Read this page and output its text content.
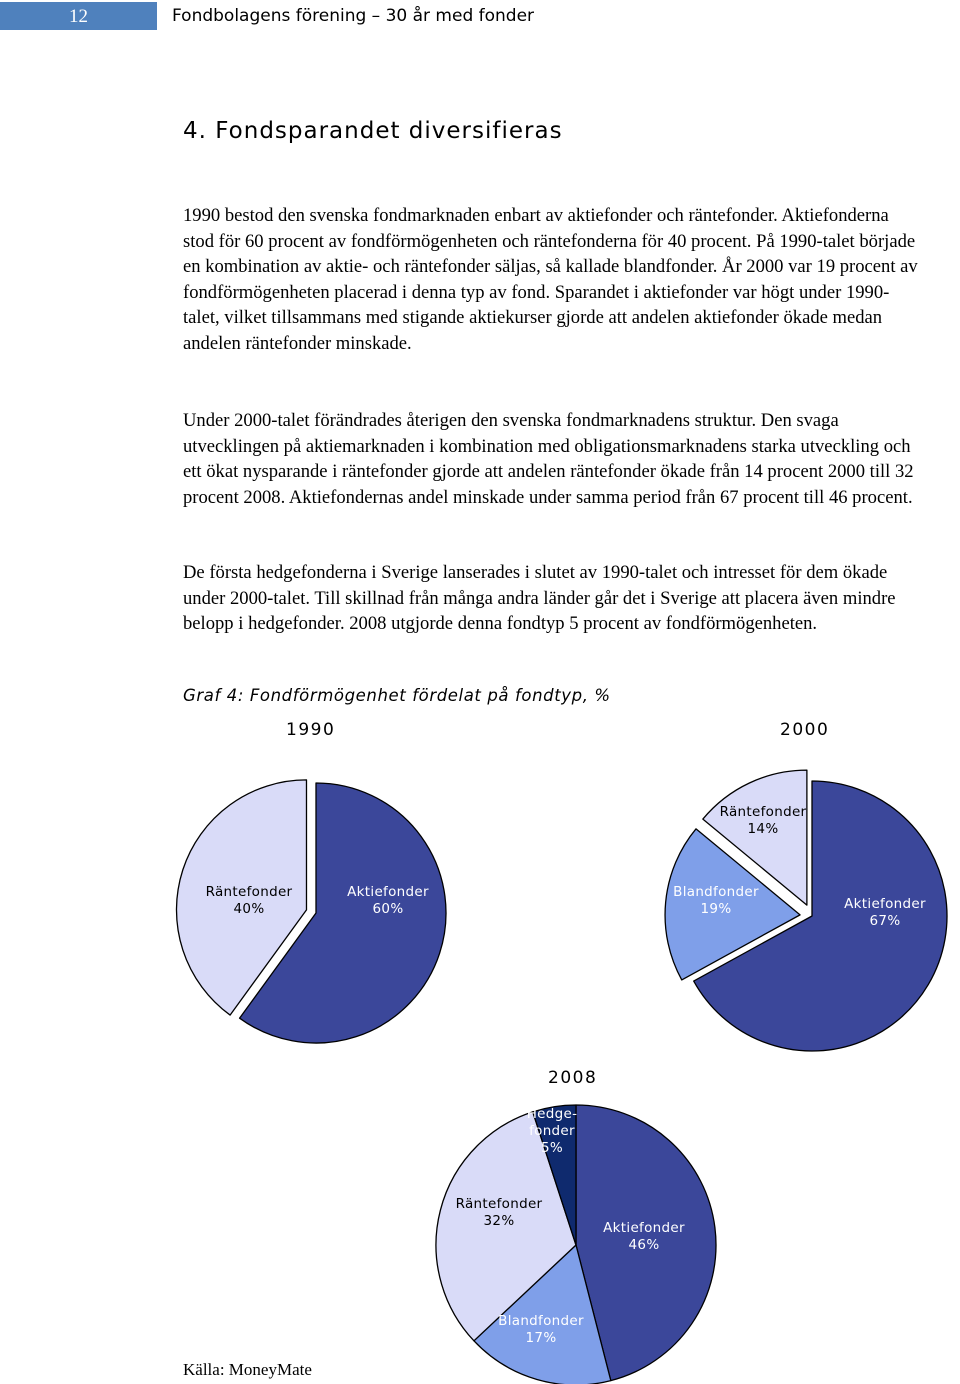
12	Fondbolagens förening – 30 år med fonder
4. Fondsparandet diversifieras

1990 bestod den svenska fondmarknaden enbart av aktiefonder och räntefonder. Aktiefonderna stod för 60 procent av fondförmögenheten och räntefonderna för 40 procent. På 1990-talet började en kombination av aktie- och räntefonder säljas, så kallade blandfonder. År 2000 var 19 procent av fondförmögenheten placerad i denna typ av fond. Sparandet i aktiefonder var högt under 1990-talet, vilket tillsammans med stigande aktiekurser gjorde att andelen aktiefonder ökade medan andelen räntefonder minskade.

Under 2000-talet förändrades återigen den svenska fondmarknadens struktur. Den svaga utvecklingen på aktiemarknaden i kombination med obligationsmarknadens starka utveckling och ett ökat nysparande i räntefonder gjorde att andelen räntefonder ökade från 14 procent 2000 till 32 procent 2008. Aktiefondernas andel minskade under samma period från 67 procent till 46 procent.

De första hedgefonderna i Sverige lanserades i slutet av 1990-talet och intresset för dem ökade under 2000-talet. Till skillnad från många andra länder går det i Sverige att placera även mindre belopp i hedgefonder. 2008 utgjorde denna fondtyp 5 procent av fondförmögenheten.

Graf 4: Fondförmögenhet fördelat på fondtyp, %
1990	2000
2008
Aktiefonder 60%
Räntefonder 40%	Aktiefonder 67%
Blandfonder 19%
Räntefonder 14%
Aktiefonder 46%
Blandfonder 17%
Räntefonder 32%
Hedge-fonder 5%
Källa: MoneyMate
